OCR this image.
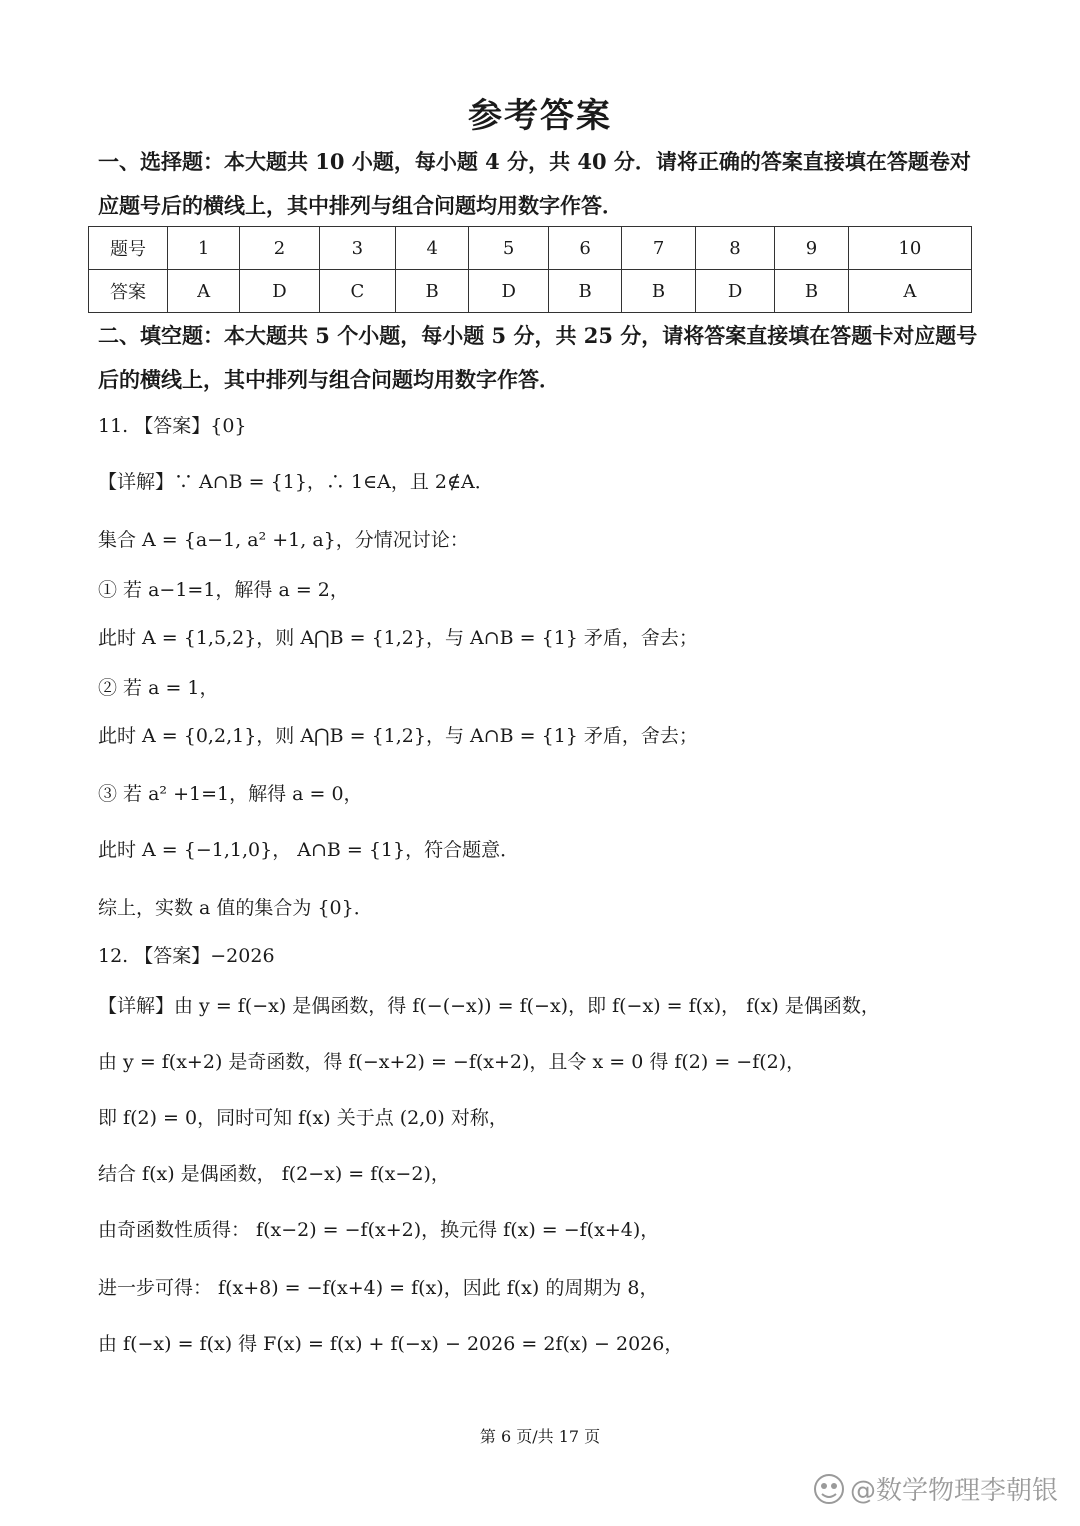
参考答案
一、选择题：本大题共 10 小题，每小题 4 分，共 40 分．请将正确的答案直接填在答题卷对
应题号后的横线上，其中排列与组合问题均用数字作答．
题号	1	2	3	4	5	6	7	8	9	10
答案	A	D	C	B	D	B	B	D	B	A
二、填空题：本大题共 5 个小题，每小题 5 分，共 25 分，请将答案直接填在答题卡对应题号
后的横线上，其中排列与组合问题均用数字作答．
11. 【答案】{0}
【详解】∵ A∩B = {1}，∴ 1∈A，且 2∉A．
集合 A = {a−1, a² +1, a}，分情况讨论：
① 若 a−1=1，解得 a = 2，
此时 A = {1,5,2}，则 A⋂B = {1,2}，与 A∩B = {1} 矛盾，舍去；
② 若 a = 1，
此时 A = {0,2,1}，则 A⋂B = {1,2}，与 A∩B = {1} 矛盾，舍去；
③ 若 a² +1=1，解得 a = 0，
此时 A = {−1,1,0}， A∩B = {1}，符合题意．
综上，实数 a 值的集合为 {0}．
12. 【答案】−2026
【详解】由 y = f(−x) 是偶函数，得 f(−(−x)) = f(−x)，即 f(−x) = f(x)， f(x) 是偶函数，
由 y = f(x+2) 是奇函数，得 f(−x+2) = −f(x+2)，且令 x = 0 得 f(2) = −f(2)，
即 f(2) = 0，同时可知 f(x) 关于点 (2,0) 对称，
结合 f(x) 是偶函数， f(2−x) = f(x−2)，
由奇函数性质得： f(x−2) = −f(x+2)，换元得 f(x) = −f(x+4)，
进一步可得： f(x+8) = −f(x+4) = f(x)，因此 f(x) 的周期为 8，
由 f(−x) = f(x) 得 F(x) = f(x) + f(−x) − 2026 = 2f(x) − 2026，
第 6 页/共 17 页
@数学物理李朝银
